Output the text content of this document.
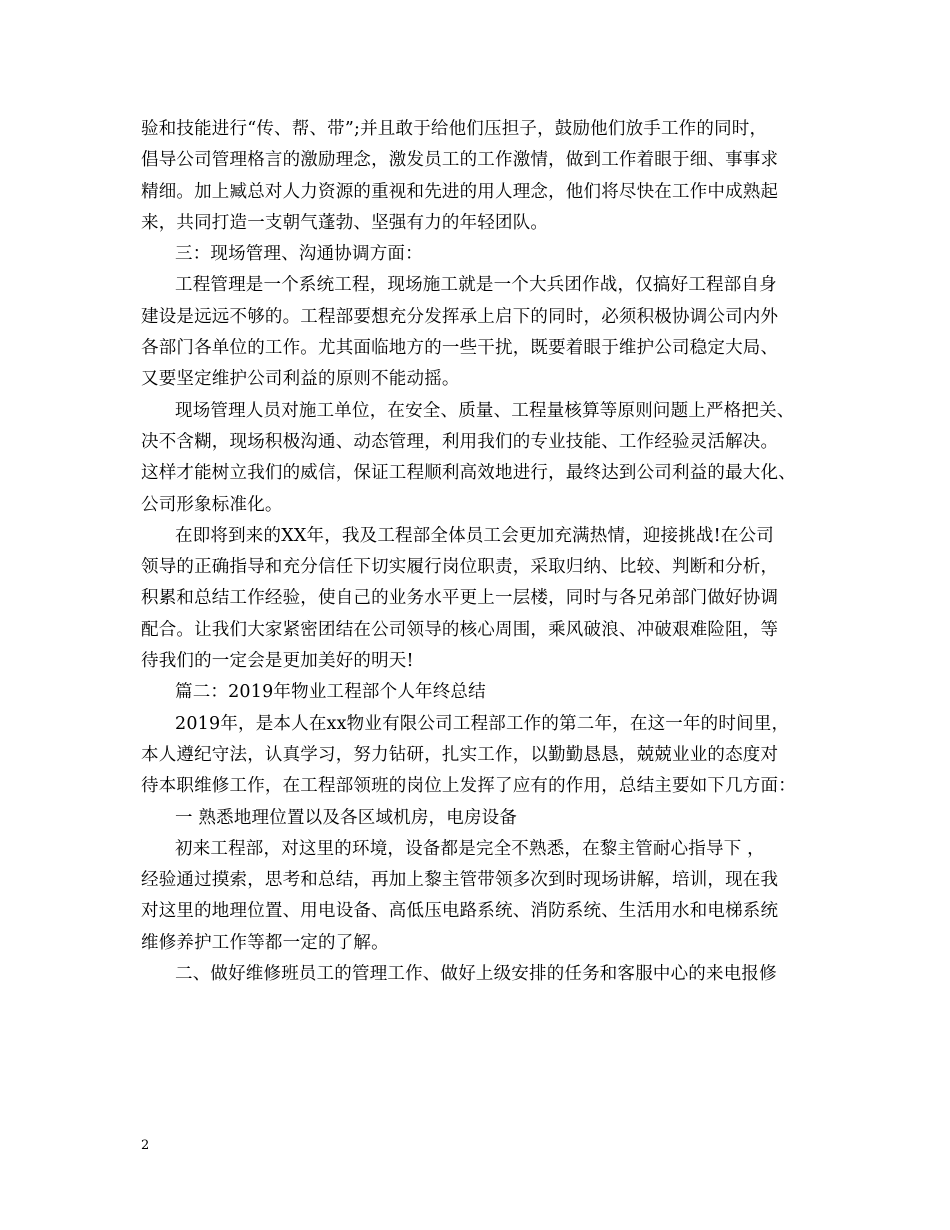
验和技能进行“传、帮、带”;并且敢于给他们压担子，鼓励他们放手工作的同时，
倡导公司管理格言的激励理念，激发员工的工作激情，做到工作着眼于细、事事求
精细。加上臧总对人力资源的重视和先进的用人理念，他们将尽快在工作中成熟起
来，共同打造一支朝气蓬勃、坚强有力的年轻团队。
三：现场管理、沟通协调方面：
工程管理是一个系统工程，现场施工就是一个大兵团作战，仅搞好工程部自身
建设是远远不够的。工程部要想充分发挥承上启下的同时，必须积极协调公司内外
各部门各单位的工作。尤其面临地方的一些干扰，既要着眼于维护公司稳定大局、
又要坚定维护公司利益的原则不能动摇。
现场管理人员对施工单位，在安全、质量、工程量核算等原则问题上严格把关、
决不含糊，现场积极沟通、动态管理，利用我们的专业技能、工作经验灵活解决。
这样才能树立我们的威信，保证工程顺利高效地进行，最终达到公司利益的最大化、
公司形象标准化。
在即将到来的XX年，我及工程部全体员工会更加充满热情，迎接挑战!在公司
领导的正确指导和充分信任下切实履行岗位职责，采取归纳、比较、判断和分析，
积累和总结工作经验，使自己的业务水平更上一层楼，同时与各兄弟部门做好协调
配合。让我们大家紧密团结在公司领导的核心周围，乘风破浪、冲破艰难险阻，等
待我们的一定会是更加美好的明天!
篇二：2019年物业工程部个人年终总结
2019年，是本人在xx物业有限公司工程部工作的第二年，在这一年的时间里，
本人遵纪守法，认真学习，努力钻研，扎实工作，以勤勤恳恳，兢兢业业的态度对
待本职维修工作，在工程部领班的岗位上发挥了应有的作用，总结主要如下几方面：
一 熟悉地理位置以及各区域机房，电房设备
初来工程部，对这里的环境，设备都是完全不熟悉，在黎主管耐心指导下 ，
经验通过摸索，思考和总结，再加上黎主管带领多次到时现场讲解，培训，现在我
对这里的地理位置、用电设备、高低压电路系统、消防系统、生活用水和电梯系统
维修养护工作等都一定的了解。
二、做好维修班员工的管理工作、做好上级安排的任务和客服中心的来电报修
2
